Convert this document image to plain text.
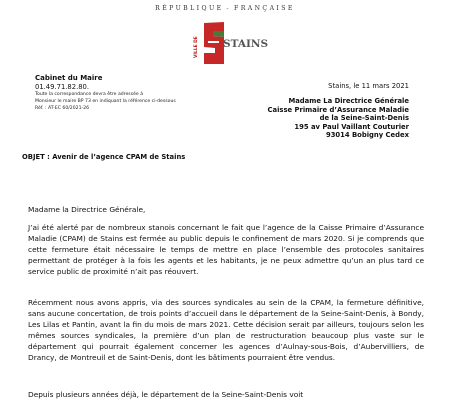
RÉPUBLIQUE - FRANÇAISE
STAINS
VILLE DE
Cabinet du Maire
01.49.71.82.80.
Toute la correspondance devra être adressée à
Monsieur le maire BP 73 en indiquant la référence ci-dessous
Réf. : AT-EC 60/2021-26
Stains, le 11 mars 2021
Madame La Directrice Générale
Caisse Primaire d’Assurance Maladie
de la Seine-Saint-Denis
195 av Paul Vaillant Couturier
93014 Bobigny Cedex
OBJET : Avenir de l’agence CPAM de Stains
Madame la Directrice Générale,

J’ai été alerté par de nombreux stanois concernant le fait que l’agence de la Caisse Primaire d’Assurance Maladie (CPAM) de Stains est fermée au public depuis le confinement de mars 2020. Si je comprends que cette fermeture était nécessaire le temps de mettre en place l’ensemble des protocoles sanitaires permettant de protéger à la fois les agents et les habitants, je ne peux admettre qu’un an plus tard ce service public de proximité n’ait pas réouvert.

Récemment nous avons appris, via des sources syndicales au sein de la CPAM, la fermeture définitive, sans aucune concertation, de trois points d’accueil dans le département de la Seine-Saint-Denis, à Bondy, Les Lilas et Pantin, avant la fin du mois de mars 2021. Cette décision serait par ailleurs, toujours selon les mêmes sources syndicales, la première d’un plan de restructuration beaucoup plus vaste sur le département qui pourrait également concerner les agences d’Aulnay-sous-Bois, d’Aubervilliers, de Drancy, de Montreuil et de Saint-Denis, dont les bâtiments pourraient être vendus.

Depuis plusieurs années déjà, le département de la Seine-Saint-Denis voit
